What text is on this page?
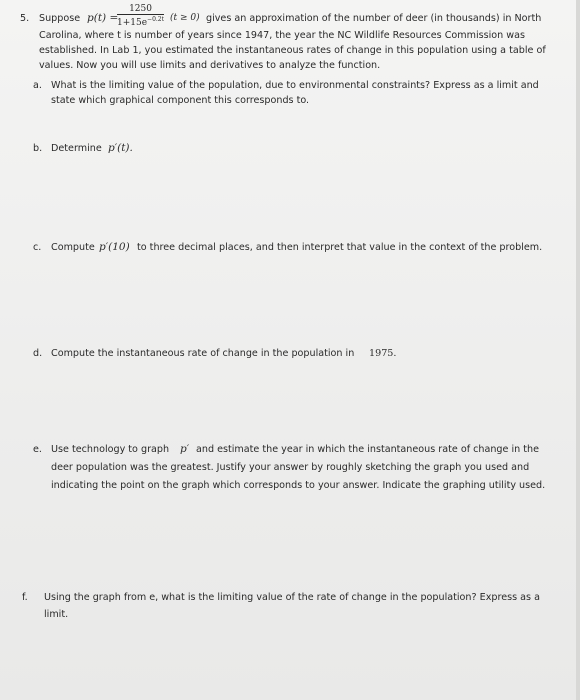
5. Suppose p(t) =
$\frac{1250}{1+15e^{-0.2t}} (t \ge 0)$ gives an approximation of the number of deer (in thousands) in North
Carolina, where t is number of years since 1947, the year the NC Wildlife Resources Commission was
established. In Lab 1, you estimated the instantaneous rates of change in this population using a table of
values. Now you will use limits and derivatives to analyze the function.
a. What is the limiting value of the population, due to environmental constraints? Express as a limit and
state which graphical component this corresponds to.
b. Determine p′(t).
c. Compute p′(10) to three decimal places, and then interpret that value in the context of the problem.
d. Compute the instantaneous rate of change in the population in 1975.
e. Use technology to graph p′ and estimate the year in which the instantaneous rate of change in the
deer population was the greatest. Justify your answer by roughly sketching the graph you used and
indicating the point on the graph which corresponds to your answer. Indicate the graphing utility used.
f. Using the graph from e, what is the limiting value of the rate of change in the population? Express as a
limit.
